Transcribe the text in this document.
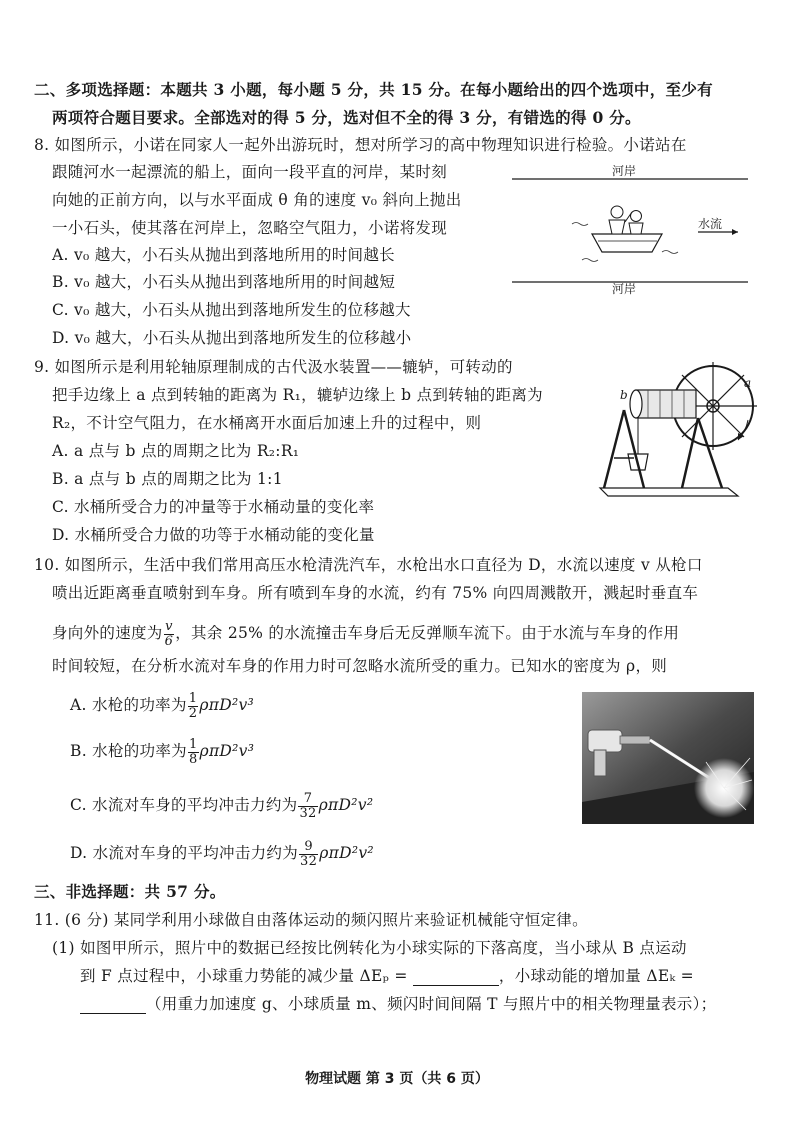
二、多项选择题：本题共 3 小题，每小题 5 分，共 15 分。在每小题给出的四个选项中，至少有
两项符合题目要求。全部选对的得 5 分，选对但不全的得 3 分，有错选的得 0 分。
8. 如图所示，小诺在同家人一起外出游玩时，想对所学习的高中物理知识进行检验。小诺站在
跟随河水一起漂流的船上，面向一段平直的河岸，某时刻
向她的正前方向，以与水平面成 θ 角的速度 v₀ 斜向上抛出
一小石头，使其落在河岸上，忽略空气阻力，小诺将发现
A. v₀ 越大，小石头从抛出到落地所用的时间越长
B. v₀ 越大，小石头从抛出到落地所用的时间越短
C. v₀ 越大，小石头从抛出到落地所发生的位移越大
D. v₀ 越大，小石头从抛出到落地所发生的位移越小
河岸
水流
河岸
9. 如图所示是利用轮轴原理制成的古代汲水装置——辘轳，可转动的
把手边缘上 a 点到转轴的距离为 R₁，辘轳边缘上 b 点到转轴的距离为
R₂，不计空气阻力，在水桶离开水面后加速上升的过程中，则
A. a 点与 b 点的周期之比为 R₂:R₁
B. a 点与 b 点的周期之比为 1:1
C. 水桶所受合力的冲量等于水桶动量的变化率
D. 水桶所受合力做的功等于水桶动能的变化量
a
b
10. 如图所示，生活中我们常用高压水枪清洗汽车，水枪出水口直径为 D，水流以速度 v 从枪口
喷出近距离垂直喷射到车身。所有喷到车身的水流，约有 75% 向四周溅散开，溅起时垂直车
身向外的速度为 $\frac{v}{6}$ ，其余 25% 的水流撞击车身后无反弹顺车流下。由于水流与车身的作用
时间较短，在分析水流对车身的作用力时可忽略水流所受的重力。已知水的密度为 ρ，则
A. 水枪的功率为 $\frac{1}{2} \rho\pi D^2v^3$
B. 水枪的功率为 $\frac{1}{8} \rho\pi D^2v^3$
C. 水流对车身的平均冲击力约为 $\frac{7}{32} \rho\pi D^2v^2$
D. 水流对车身的平均冲击力约为 $\frac{9}{32} \rho\pi D^2v^2$
三、非选择题：共 57 分。
11. (6 分) 某同学利用小球做自由落体运动的频闪照片来验证机械能守恒定律。
(1) 如图甲所示，照片中的数据已经按比例转化为小球实际的下落高度，当小球从 B 点运动
到 F 点过程中，小球重力势能的减少量 ΔEₚ =	，小球动能的增加量 ΔEₖ =
（用重力加速度 g、小球质量 m、频闪时间间隔 T 与照片中的相关物理量表示）；
物理试题 第 3 页（共 6 页）
